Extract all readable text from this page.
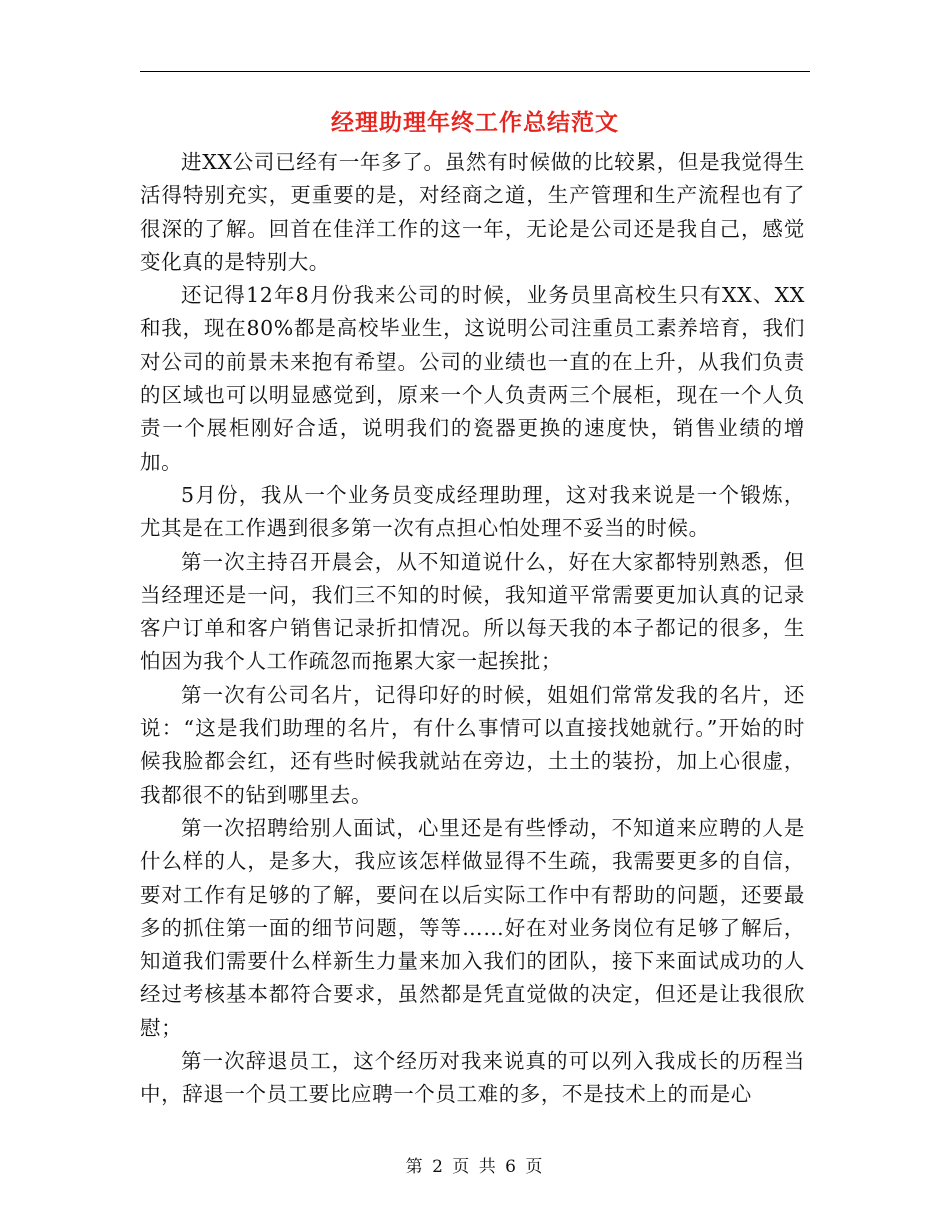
经理助理年终工作总结范文

进XX公司已经有一年多了。虽然有时候做的比较累，但是我觉得生活得特别充实，更重要的是，对经商之道，生产管理和生产流程也有了很深的了解。回首在佳洋工作的这一年，无论是公司还是我自己，感觉变化真的是特别大。

还记得12年8月份我来公司的时候，业务员里高校生只有XX、XX和我，现在80%都是高校毕业生，这说明公司注重员工素养培育，我们对公司的前景未来抱有希望。公司的业绩也一直的在上升，从我们负责的区域也可以明显感觉到，原来一个人负责两三个展柜，现在一个人负责一个展柜刚好合适，说明我们的瓷器更换的速度快，销售业绩的增加。

5月份，我从一个业务员变成经理助理，这对我来说是一个锻炼，尤其是在工作遇到很多第一次有点担心怕处理不妥当的时候。

第一次主持召开晨会，从不知道说什么，好在大家都特别熟悉，但当经理还是一问，我们三不知的时候，我知道平常需要更加认真的记录客户订单和客户销售记录折扣情况。所以每天我的本子都记的很多，生怕因为我个人工作疏忽而拖累大家一起挨批；

第一次有公司名片，记得印好的时候，姐姐们常常发我的名片，还说：“这是我们助理的名片，有什么事情可以直接找她就行。”开始的时候我脸都会红，还有些时候我就站在旁边，土土的装扮，加上心很虚，我都很不的钻到哪里去。

第一次招聘给别人面试，心里还是有些悸动，不知道来应聘的人是什么样的人，是多大，我应该怎样做显得不生疏，我需要更多的自信，要对工作有足够的了解，要问在以后实际工作中有帮助的问题，还要最多的抓住第一面的细节问题，等等……好在对业务岗位有足够了解后，知道我们需要什么样新生力量来加入我们的团队，接下来面试成功的人经过考核基本都符合要求，虽然都是凭直觉做的决定，但还是让我很欣慰；

第一次辞退员工，这个经历对我来说真的可以列入我成长的历程当中，辞退一个员工要比应聘一个员工难的多，不是技术上的而是心

第 2 页 共 6 页
